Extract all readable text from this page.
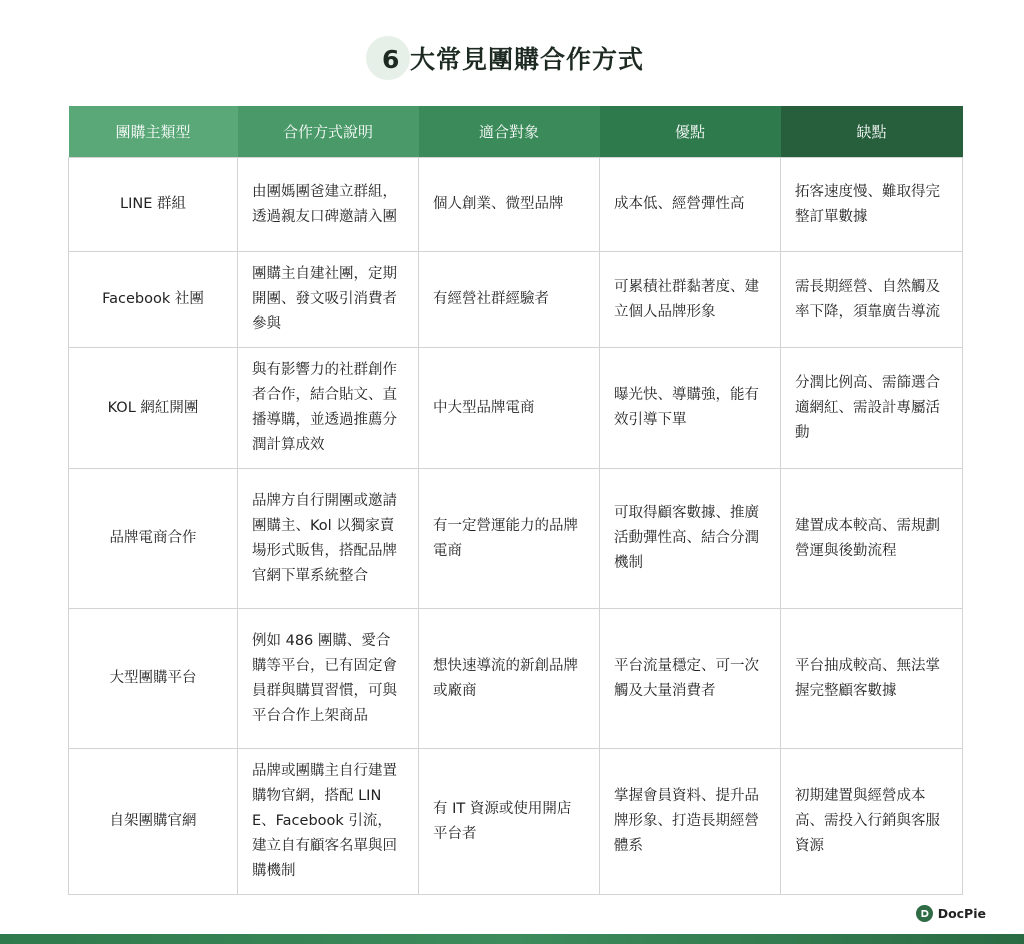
6 大常見團購合作方式
團購主類型	合作方式說明	適合對象	優點	缺點
LINE 群組	由團媽團爸建立群組，透過親友口碑邀請入團	個人創業、微型品牌	成本低、經營彈性高	拓客速度慢、難取得完整訂單數據
Facebook 社團	團購主自建社團，定期開團、發文吸引消費者參與	有經營社群經驗者	可累積社群黏著度、建立個人品牌形象	需長期經營、自然觸及率下降，須靠廣告導流
KOL 網紅開團	與有影響力的社群創作者合作，結合貼文、直播導購，並透過推薦分潤計算成效	中大型品牌電商	曝光快、導購強，能有效引導下單	分潤比例高、需篩選合適網紅、需設計專屬活動
品牌電商合作	品牌方自行開團或邀請團購主、Kol 以獨家賣場形式販售，搭配品牌官網下單系統整合	有一定營運能力的品牌電商	可取得顧客數據、推廣活動彈性高、結合分潤機制	建置成本較高、需規劃營運與後勤流程
大型團購平台	例如 486 團購、愛合購等平台，已有固定會員群與購買習慣，可與平台合作上架商品	想快速導流的新創品牌或廠商	平台流量穩定、可一次觸及大量消費者	平台抽成較高、無法掌握完整顧客數據
自架團購官網	品牌或團購主自行建置購物官網，搭配 LINE、Facebook 引流，建立自有顧客名單與回購機制	有 IT 資源或使用開店平台者	掌握會員資料、提升品牌形象、打造長期經營體系	初期建置與經營成本高、需投入行銷與客服資源
DocPie
